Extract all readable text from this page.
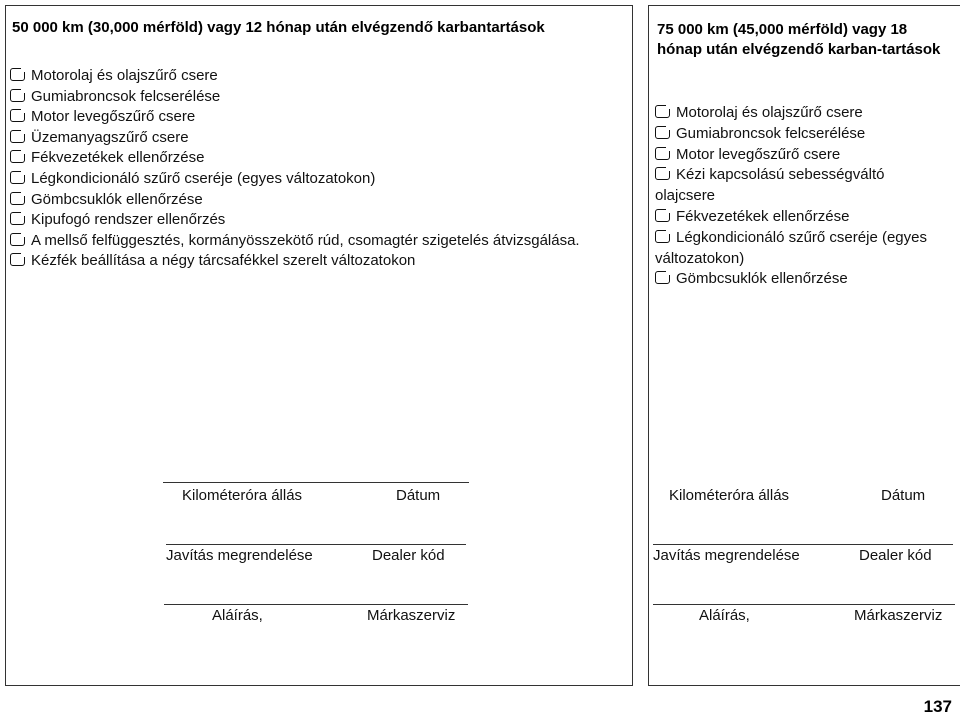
50 000 km (30,000 mérföld) vagy 12 hónap után elvégzendő karbantartások
Motorolaj és olajszűrő csere
Gumiabroncsok felcserélése
Motor levegőszűrő csere
Üzemanyagszűrő csere
Fékvezetékek ellenőrzése
Légkondicionáló szűrő cseréje (egyes változatokon)
Gömbcsuklók ellenőrzése
Kipufogó rendszer ellenőrzés
A mellső felfüggesztés, kormányösszekötő rúd, csomagtér szigetelés átvizsgálása.
Kézfék beállítása a négy tárcsafékkel szerelt változatokon
Kilométeróra állás	Dátum
Javítás megrendelése	Dealer kód
Aláírás,	Márkaszerviz
75 000 km (45,000 mérföld) vagy 18 hónap után elvégzendő karban-tartások
Motorolaj és olajszűrő csere
Gumiabroncsok felcserélése
Motor levegőszűrő csere
Kézi kapcsolású sebességváltó olajcsere
Fékvezetékek ellenőrzése
Légkondicionáló szűrő cseréje (egyes változatokon)
Gömbcsuklók ellenőrzése
Kilométeróra állás	Dátum
Javítás megrendelése	Dealer kód
Aláírás,	Márkaszerviz
137
